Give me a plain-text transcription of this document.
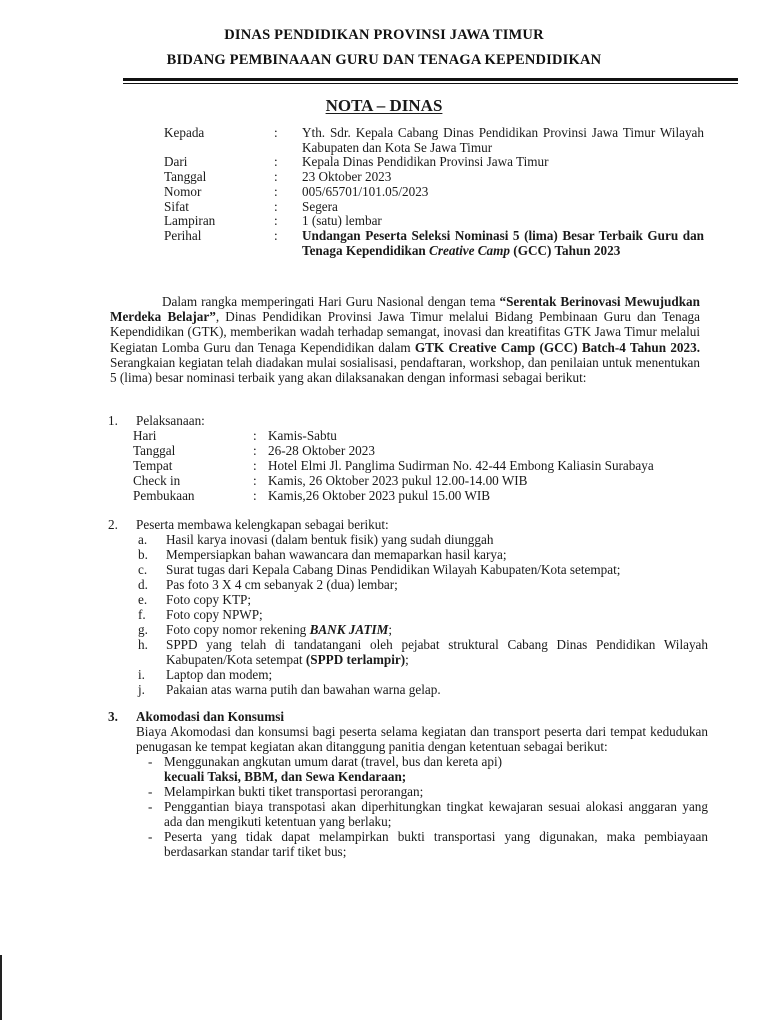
DINAS PENDIDIKAN PROVINSI JAWA TIMUR
BIDANG PEMBINAAAN GURU DAN TENAGA KEPENDIDIKAN
NOTA – DINAS
Kepada	:	Yth. Sdr. Kepala Cabang Dinas Pendidikan Provinsi Jawa Timur Wilayah Kabupaten dan Kota Se Jawa Timur
Dari	:	Kepala Dinas Pendidikan Provinsi Jawa Timur
Tanggal	:	23 Oktober 2023
Nomor	:	005/65701/101.05/2023
Sifat	:	Segera
Lampiran	:	1 (satu) lembar
Perihal	:	Undangan Peserta Seleksi Nominasi 5 (lima) Besar Terbaik Guru dan Tenaga Kependidikan Creative Camp (GCC) Tahun 2023
Dalam rangka memperingati Hari Guru Nasional dengan tema “Serentak Berinovasi Mewujudkan Merdeka Belajar”, Dinas Pendidikan Provinsi Jawa Timur melalui Bidang Pembinaan Guru dan Tenaga Kependidikan (GTK), memberikan wadah terhadap semangat, inovasi dan kreatifitas GTK Jawa Timur melalui Kegiatan Lomba Guru dan Tenaga Kependidikan dalam GTK Creative Camp (GCC) Batch-4 Tahun 2023. Serangkaian kegiatan telah diadakan mulai sosialisasi, pendaftaran, workshop, dan penilaian untuk menentukan 5 (lima) besar nominasi terbaik yang akan dilaksanakan dengan informasi sebagai berikut:
1. Pelaksanaan:
Hari	: Kamis-Sabtu
Tanggal	: 26-28 Oktober 2023
Tempat	: Hotel Elmi Jl. Panglima Sudirman No. 42-44 Embong Kaliasin Surabaya
Check in	: Kamis, 26 Oktober 2023 pukul 12.00-14.00 WIB
Pembukaan	: Kamis,26 Oktober 2023 pukul 15.00 WIB
2. Peserta membawa kelengkapan sebagai berikut:
a.	Hasil karya inovasi (dalam bentuk fisik) yang sudah diunggah
b.	Mempersiapkan bahan wawancara dan memaparkan hasil karya;
c.	Surat tugas dari Kepala Cabang Dinas Pendidikan Wilayah Kabupaten/Kota setempat;
d.	Pas foto 3 X 4 cm sebanyak 2 (dua) lembar;
e.	Foto copy KTP;
f.	Foto copy NPWP;
g.	Foto copy nomor rekening BANK JATIM;
h.	SPPD yang telah di tandatangani oleh pejabat struktural Cabang Dinas Pendidikan Wilayah Kabupaten/Kota setempat (SPPD terlampir);
i.	Laptop dan modem;
j.	Pakaian atas warna putih dan bawahan warna gelap.
3. Akomodasi dan Konsumsi
Biaya Akomodasi dan konsumsi bagi peserta selama kegiatan dan transport peserta dari tempat kedudukan penugasan ke tempat kegiatan akan ditanggung panitia dengan ketentuan sebagai berikut:
- Menggunakan angkutan umum darat (travel, bus dan kereta api)
kecuali Taksi, BBM, dan Sewa Kendaraan;
- Melampirkan bukti tiket transportasi perorangan;
- Penggantian biaya transpotasi akan diperhitungkan tingkat kewajaran sesuai alokasi anggaran yang ada dan mengikuti ketentuan yang berlaku;
- Peserta yang tidak dapat melampirkan bukti transportasi yang digunakan, maka pembiayaan berdasarkan standar tarif tiket bus;
